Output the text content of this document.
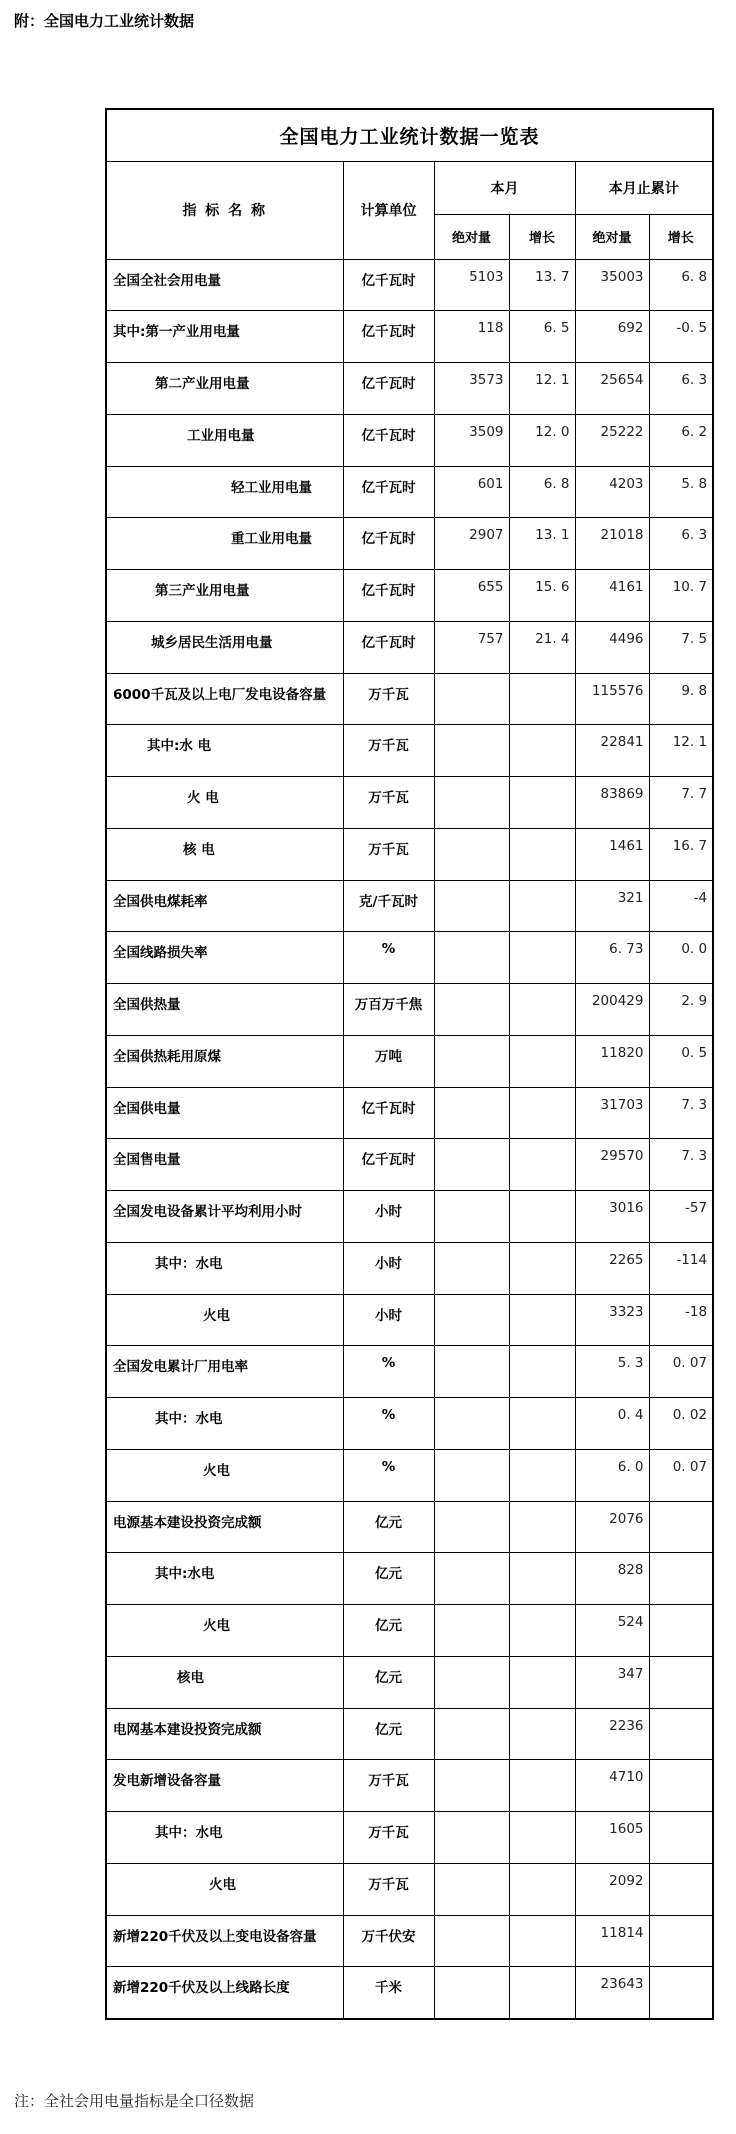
附：全国电力工业统计数据
全国电力工业统计数据一览表					
指 标 名 称	计算单位	本月		本月止累计	
		绝对量	增长	绝对量	增长
全国全社会用电量	亿千瓦时	5103	13. 7	35003	6. 8
其中:第一产业用电量	亿千瓦时	118	6. 5	692	-0. 5
第二产业用电量	亿千瓦时	3573	12. 1	25654	6. 3
工业用电量	亿千瓦时	3509	12. 0	25222	6. 2
轻工业用电量	亿千瓦时	601	6. 8	4203	5. 8
重工业用电量	亿千瓦时	2907	13. 1	21018	6. 3
第三产业用电量	亿千瓦时	655	15. 6	4161	10. 7
城乡居民生活用电量	亿千瓦时	757	21. 4	4496	7. 5
6000千瓦及以上电厂发电设备容量	万千瓦			115576	9. 8
其中:水 电	万千瓦			22841	12. 1
火 电	万千瓦			83869	7. 7
核 电	万千瓦			1461	16. 7
全国供电煤耗率	克/千瓦时			321	-4
全国线路损失率	%			6. 73	0. 0
全国供热量	万百万千焦			200429	2. 9
全国供热耗用原煤	万吨			11820	0. 5
全国供电量	亿千瓦时			31703	7. 3
全国售电量	亿千瓦时			29570	7. 3
全国发电设备累计平均利用小时	小时			3016	-57
其中：水电	小时			2265	-114
火电	小时			3323	-18
全国发电累计厂用电率	%			5. 3	0. 07
其中：水电	%			0. 4	0. 02
火电	%			6. 0	0. 07
电源基本建设投资完成额	亿元			2076	
其中:水电	亿元			828	
火电	亿元			524	
核电	亿元			347	
电网基本建设投资完成额	亿元			2236	
发电新增设备容量	万千瓦			4710	
其中：水电	万千瓦			1605	
火电	万千瓦			2092	
新增220千伏及以上变电设备容量	万千伏安			11814	
新增220千伏及以上线路长度	千米			23643	
注：全社会用电量指标是全口径数据
